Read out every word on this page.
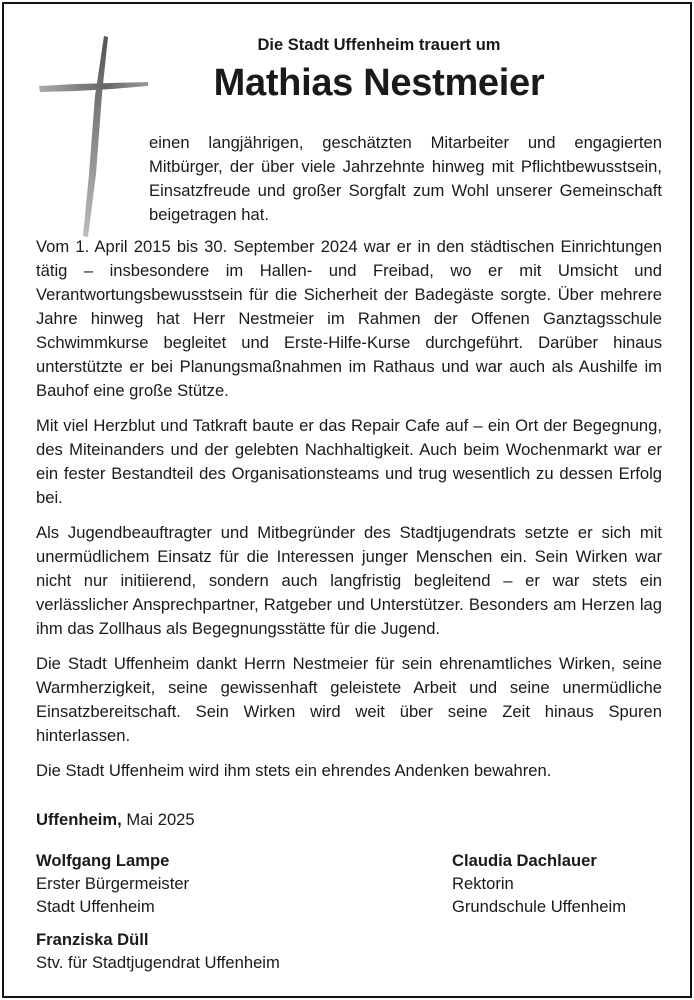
Die Stadt Uffenheim trauert um
Mathias Nestmeier

einen langjährigen, geschätzten Mitarbeiter und engagierten Mitbürger, der über viele Jahrzehnte hinweg mit Pflichtbewusstsein, Einsatzfreude und großer Sorgfalt zum Wohl unserer Gemeinschaft beigetragen hat.

Vom 1. April 2015 bis 30. September 2024 war er in den städtischen Einrichtungen tätig – insbesondere im Hallen- und Freibad, wo er mit Umsicht und Verantwortungsbewusstsein für die Sicherheit der Badegäste sorgte. Über mehrere Jahre hinweg hat Herr Nestmeier im Rahmen der Offenen Ganztagsschule Schwimmkurse begleitet und Erste-Hilfe-Kurse durchgeführt. Darüber hinaus unterstützte er bei Planungsmaßnahmen im Rathaus und war auch als Aushilfe im Bauhof eine große Stütze.

Mit viel Herzblut und Tatkraft baute er das Repair Cafe auf – ein Ort der Begegnung, des Miteinanders und der gelebten Nachhaltigkeit. Auch beim Wochenmarkt war er ein fester Bestandteil des Organisationsteams und trug wesentlich zu dessen Erfolg bei.

Als Jugendbeauftragter und Mitbegründer des Stadtjugendrats setzte er sich mit unermüdlichem Einsatz für die Interessen junger Menschen ein. Sein Wirken war nicht nur initiierend, sondern auch langfristig begleitend – er war stets ein verlässlicher Ansprechpartner, Ratgeber und Unterstützer. Besonders am Herzen lag ihm das Zollhaus als Begegnungsstätte für die Jugend.

Die Stadt Uffenheim dankt Herrn Nestmeier für sein ehrenamtliches Wirken, seine Warmherzigkeit, seine gewissenhaft geleistete Arbeit und seine unermüdliche Einsatzbereitschaft. Sein Wirken wird weit über seine Zeit hinaus Spuren hinterlassen.

Die Stadt Uffenheim wird ihm stets ein ehrendes Andenken bewahren.

Uffenheim, Mai 2025
Wolfgang Lampe
Erster Bürgermeister
Stadt Uffenheim
Claudia Dachlauer
Rektorin
Grundschule Uffenheim
Franziska Düll
Stv. für Stadtjugendrat Uffenheim
